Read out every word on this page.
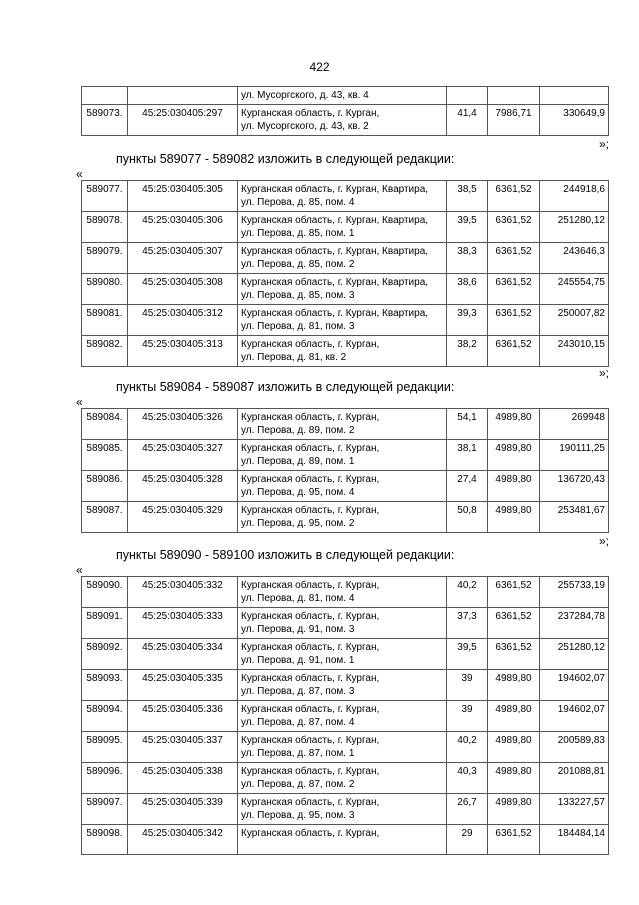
422

		ул. Мусоргского, д. 43, кв. 4			

589073.	45:25:030405:297	Курганская область, г. Курган,
ул. Мусоргского, д. 43, кв. 2	41,4	7986,71	330649,9
»;
пункты 589077 - 589082 изложить в следующей редакции:
«
589077.	45:25:030405:305	Курганская область, г. Курган, Квартира,
ул. Перова, д. 85, пом. 4	38,5	6361,52	244918,6
589078.	45:25:030405:306	Курганская область, г. Курган, Квартира,
ул. Перова, д. 85, пом. 1	39,5	6361,52	251280,12
589079.	45:25:030405:307	Курганская область, г. Курган, Квартира,
ул. Перова, д. 85, пом. 2	38,3	6361,52	243646,3
589080.	45:25:030405:308	Курганская область, г. Курган, Квартира,
ул. Перова, д. 85, пом. 3	38,6	6361,52	245554,75
589081.	45:25:030405:312	Курганская область, г. Курган, Квартира,
ул. Перова, д. 81, пом. 3	39,3	6361,52	250007,82
589082.	45:25:030405:313	Курганская область, г. Курган,
ул. Перова, д. 81, кв. 2	38,2	6361,52	243010,15
»;
пункты 589084 - 589087 изложить в следующей редакции:
«
589084.	45:25:030405:326	Курганская область, г. Курган,
ул. Перова, д. 89, пом. 2	54,1	4989,80	269948
589085.	45:25:030405:327	Курганская область, г. Курган,
ул. Перова, д. 89, пом. 1	38,1	4989,80	190111,25
589086.	45:25:030405:328	Курганская область, г. Курган,
ул. Перова, д. 95, пом. 4	27,4	4989,80	136720,43
589087.	45:25:030405:329	Курганская область, г. Курган,
ул. Перова, д. 95, пом. 2	50,8	4989,80	253481,67
»;
пункты 589090 - 589100 изложить в следующей редакции:
«
589090.	45:25:030405:332	Курганская область, г. Курган,
ул. Перова, д. 81, пом. 4	40,2	6361,52	255733,19
589091.	45:25:030405:333	Курганская область, г. Курган,
ул. Перова, д. 91, пом. 3	37,3	6361,52	237284,78
589092.	45:25:030405:334	Курганская область, г. Курган,
ул. Перова, д. 91, пом. 1	39,5	6361,52	251280,12
589093.	45:25:030405:335	Курганская область, г. Курган,
ул. Перова, д. 87, пом. 3	39	4989,80	194602,07
589094.	45:25:030405:336	Курганская область, г. Курган,
ул. Перова, д. 87, пом. 4	39	4989,80	194602,07
589095.	45:25:030405:337	Курганская область, г. Курган,
ул. Перова, д. 87, пом. 1	40,2	4989,80	200589,83
589096.	45:25:030405:338	Курганская область, г. Курган,
ул. Перова, д. 87, пом. 2	40,3	4989,80	201088,81
589097.	45:25:030405:339	Курганская область, г. Курган,
ул. Перова, д. 95, пом. 3	26,7	4989,80	133227,57
589098.	45:25:030405:342	Курганская область, г. Курган,	29	6361,52	184484,14
